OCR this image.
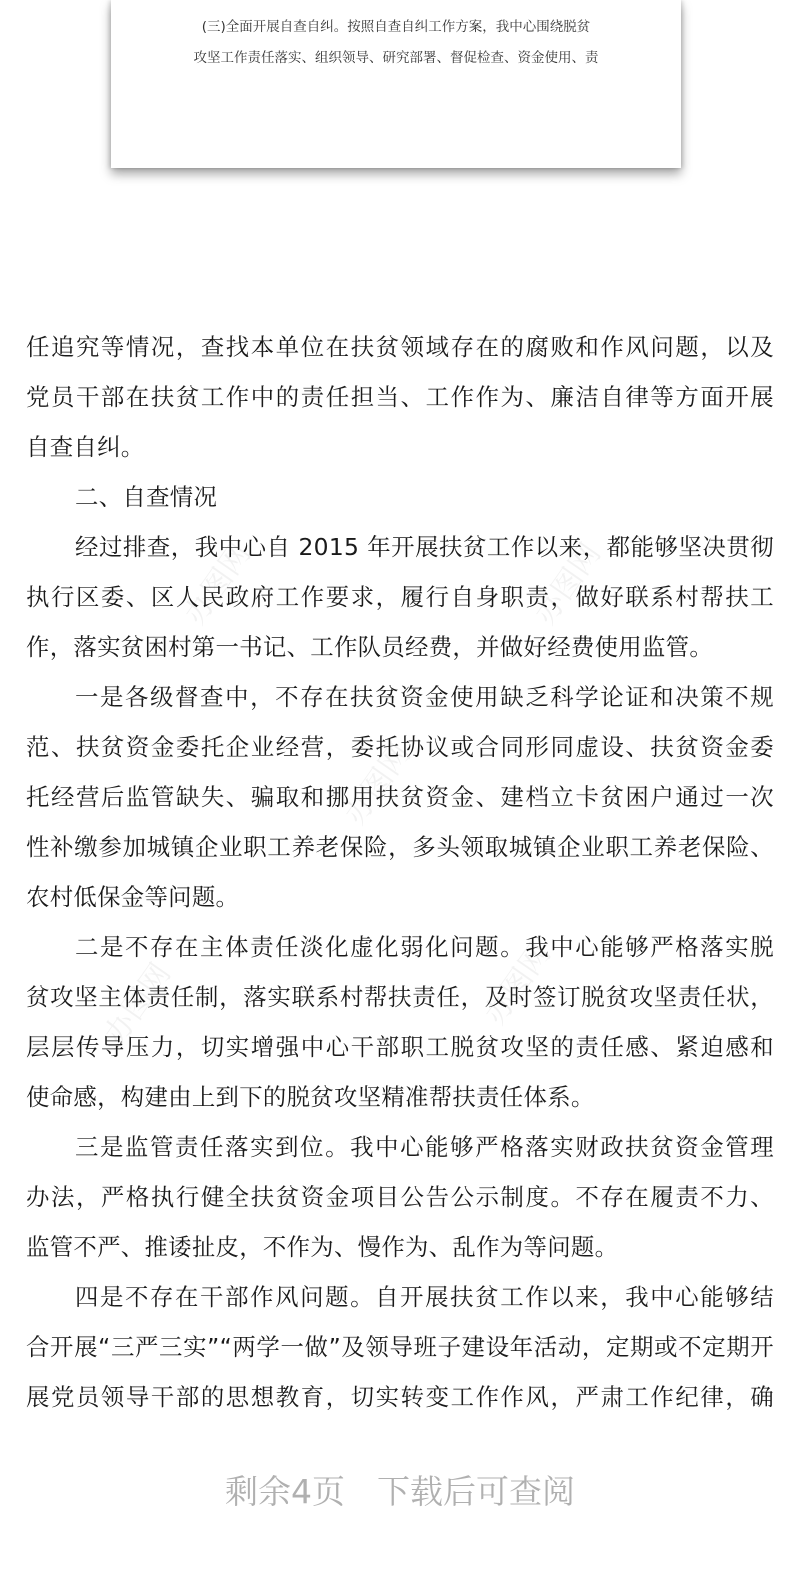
(三)全面开展自查自纠。按照自查自纠工作方案，我中心围绕脱贫
攻坚工作责任落实、组织领导、研究部署、督促检查、资金使用、责
办图网	办图网
办图网
办图网	办图网
任追究等情况，查找本单位在扶贫领域存在的腐败和作风问题，以及
党员干部在扶贫工作中的责任担当、工作作为、廉洁自律等方面开展
自查自纠。
二、自查情况
经过排查，我中心自 2015 年开展扶贫工作以来，都能够坚决贯彻
执行区委、区人民政府工作要求，履行自身职责，做好联系村帮扶工
作，落实贫困村第一书记、工作队员经费，并做好经费使用监管。
一是各级督查中，不存在扶贫资金使用缺乏科学论证和决策不规
范、扶贫资金委托企业经营，委托协议或合同形同虚设、扶贫资金委
托经营后监管缺失、骗取和挪用扶贫资金、建档立卡贫困户通过一次
性补缴参加城镇企业职工养老保险，多头领取城镇企业职工养老保险、
农村低保金等问题。
二是不存在主体责任淡化虚化弱化问题。我中心能够严格落实脱
贫攻坚主体责任制，落实联系村帮扶责任，及时签订脱贫攻坚责任状，
层层传导压力，切实增强中心干部职工脱贫攻坚的责任感、紧迫感和
使命感，构建由上到下的脱贫攻坚精准帮扶责任体系。
三是监管责任落实到位。我中心能够严格落实财政扶贫资金管理
办法，严格执行健全扶贫资金项目公告公示制度。不存在履责不力、
监管不严、推诿扯皮，不作为、慢作为、乱作为等问题。
四是不存在干部作风问题。自开展扶贫工作以来，我中心能够结
合开展“三严三实”“两学一做”及领导班子建设年活动，定期或不定期开
展党员领导干部的思想教育，切实转变工作作风，严肃工作纪律，确
剩余4页 下载后可查阅
